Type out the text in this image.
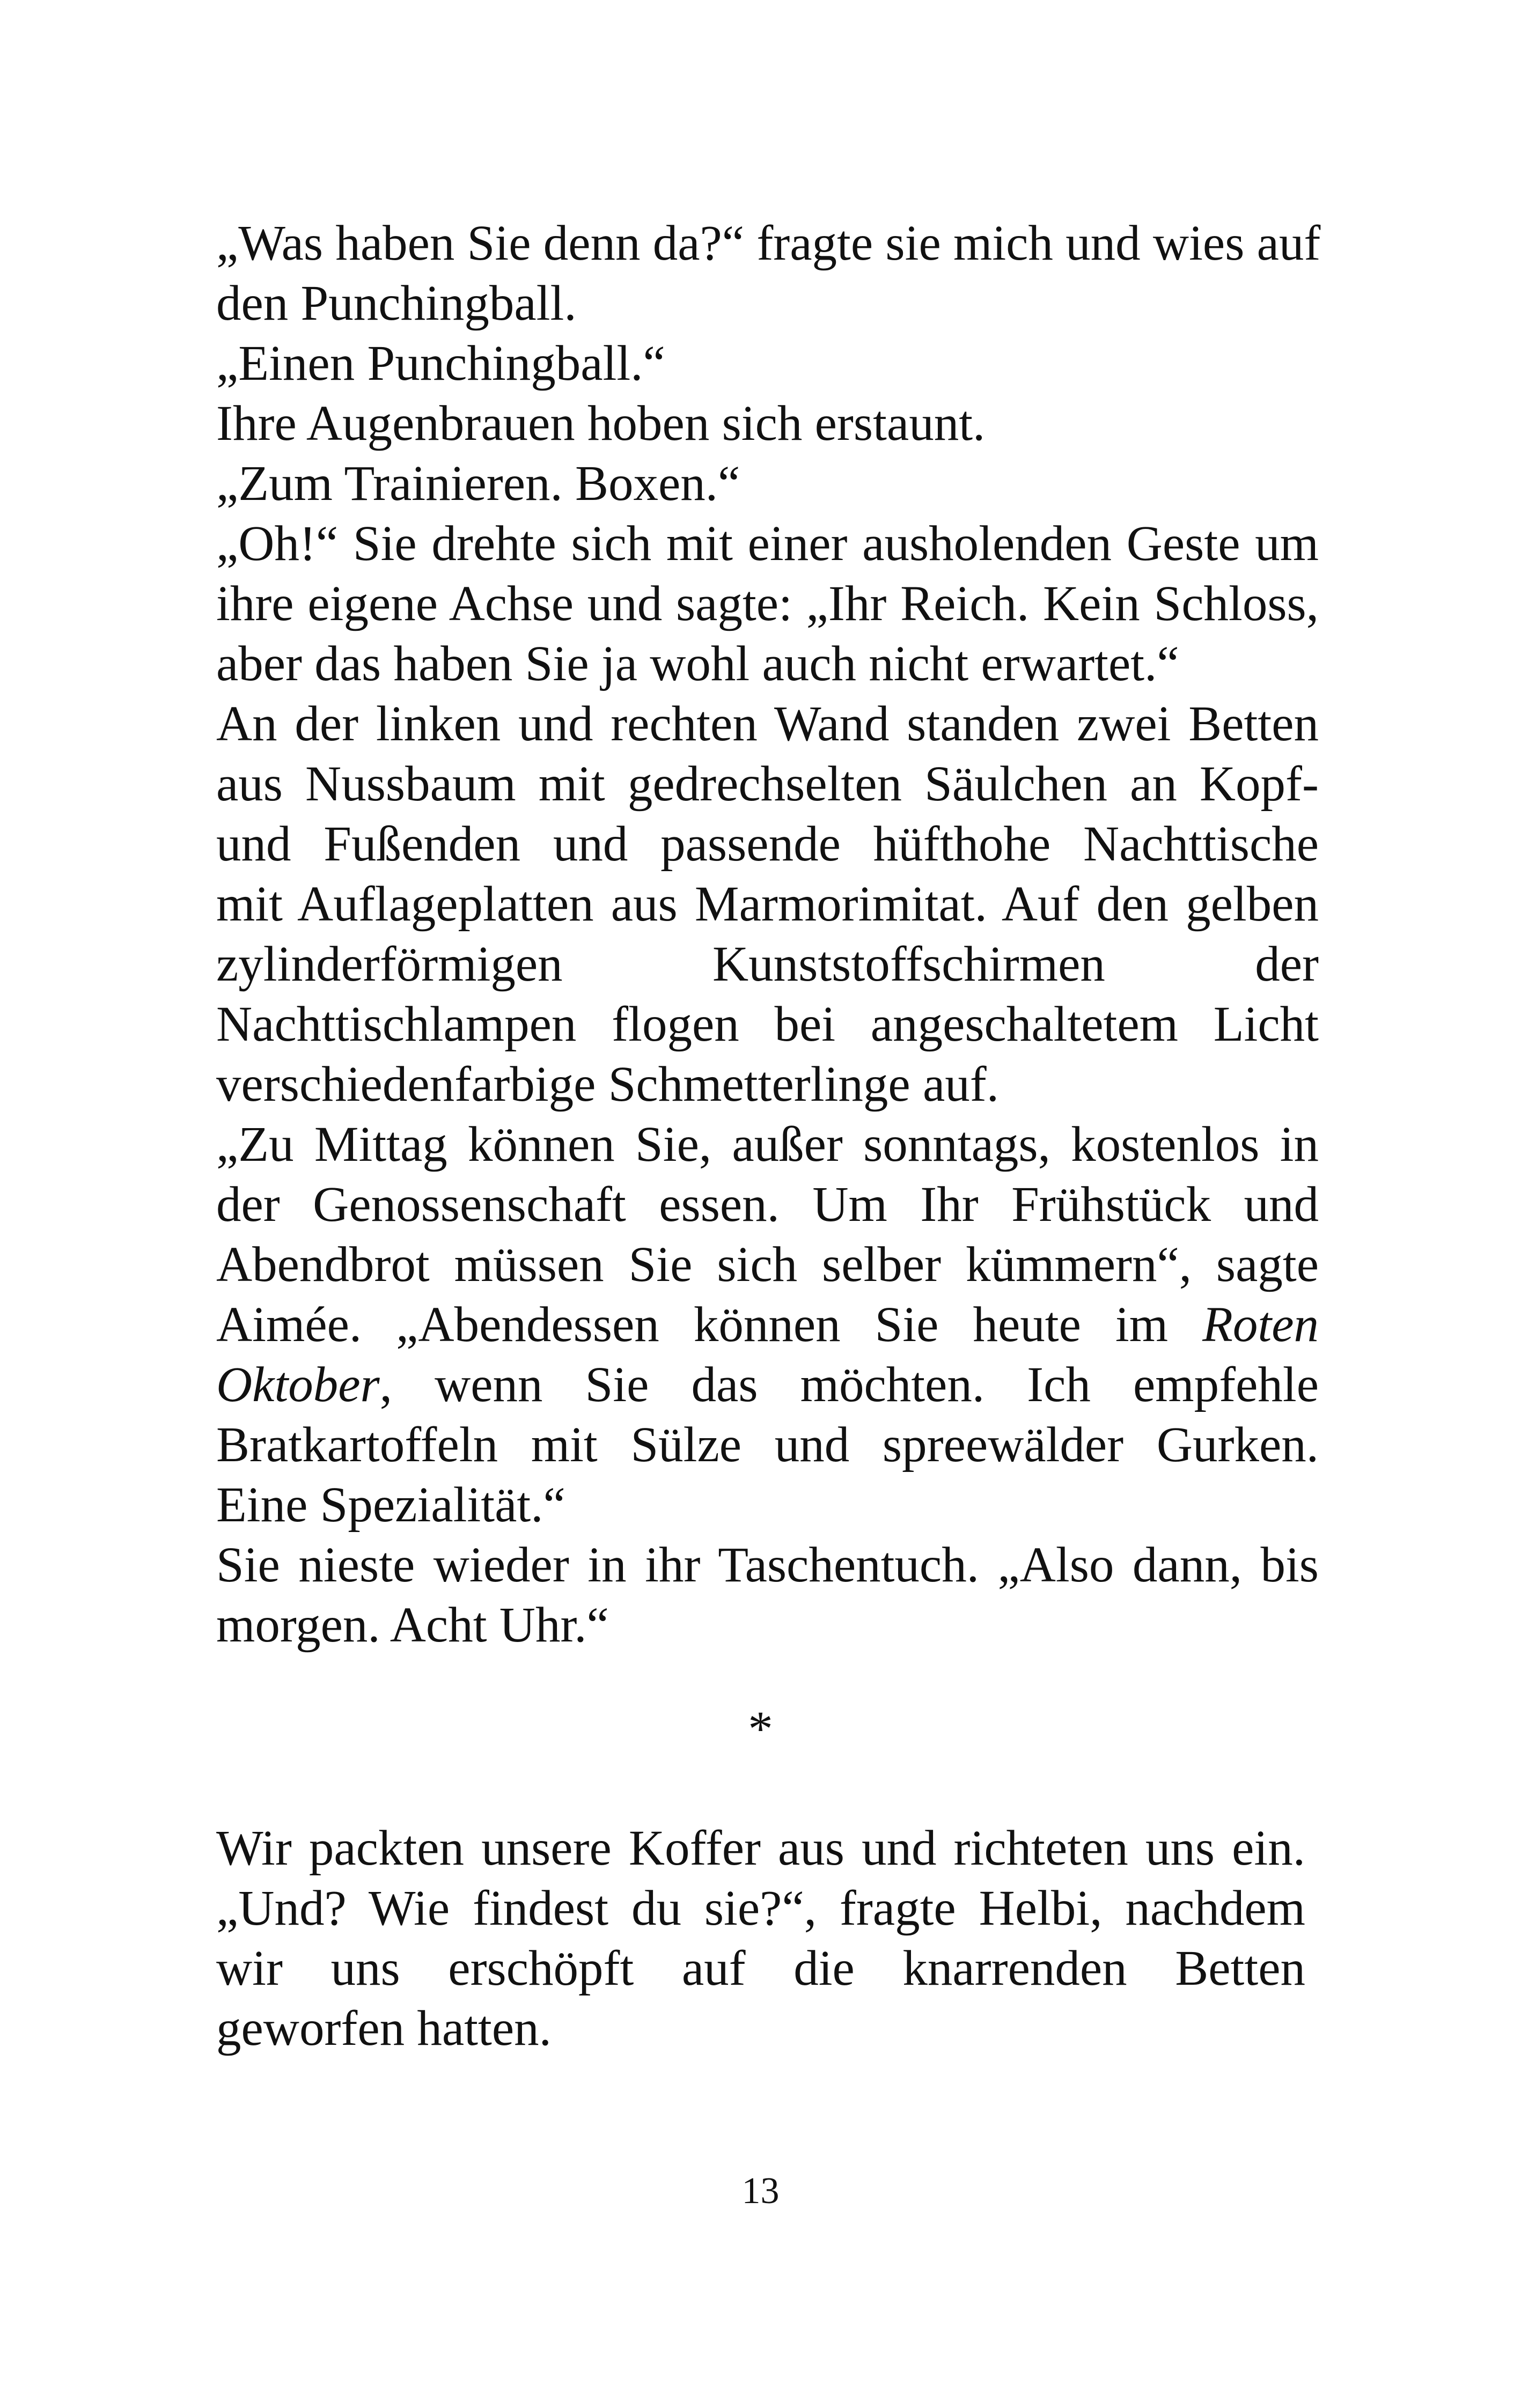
„Was haben Sie denn da?“ fragte sie mich und wies auf
den Punchingball.
„Einen Punchingball.“
Ihre Augenbrauen hoben sich erstaunt.
„Zum Trainieren. Boxen.“
„Oh!“ Sie drehte sich mit einer ausholenden Geste um
ihre eigene Achse und sagte: „Ihr Reich. Kein Schloss,
aber das haben Sie ja wohl auch nicht erwartet.“
An der linken und rechten Wand standen zwei Betten
aus Nussbaum mit gedrechselten Säulchen an Kopf-
und Fußenden und passende hüfthohe Nachttische
mit Auflageplatten aus Marmorimitat. Auf den gelben
zylinderförmigen Kunststoffschirmen der
Nachttischlampen flogen bei angeschaltetem Licht
verschiedenfarbige Schmetterlinge auf.
„Zu Mittag können Sie, außer sonntags, kostenlos in
der Genossenschaft essen. Um Ihr Frühstück und
Abendbrot müssen Sie sich selber kümmern“, sagte
Aimée. „Abendessen können Sie heute im Roten
Oktober, wenn Sie das möchten. Ich empfehle
Bratkartoffeln mit Sülze und spreewälder Gurken.
Eine Spezialität.“
Sie nieste wieder in ihr Taschentuch. „Also dann, bis
morgen. Acht Uhr.“
*
Wir packten unsere Koffer aus und richteten uns ein.
„Und? Wie findest du sie?“, fragte Helbi, nachdem
wir uns erschöpft auf die knarrenden Betten
geworfen hatten.
13
